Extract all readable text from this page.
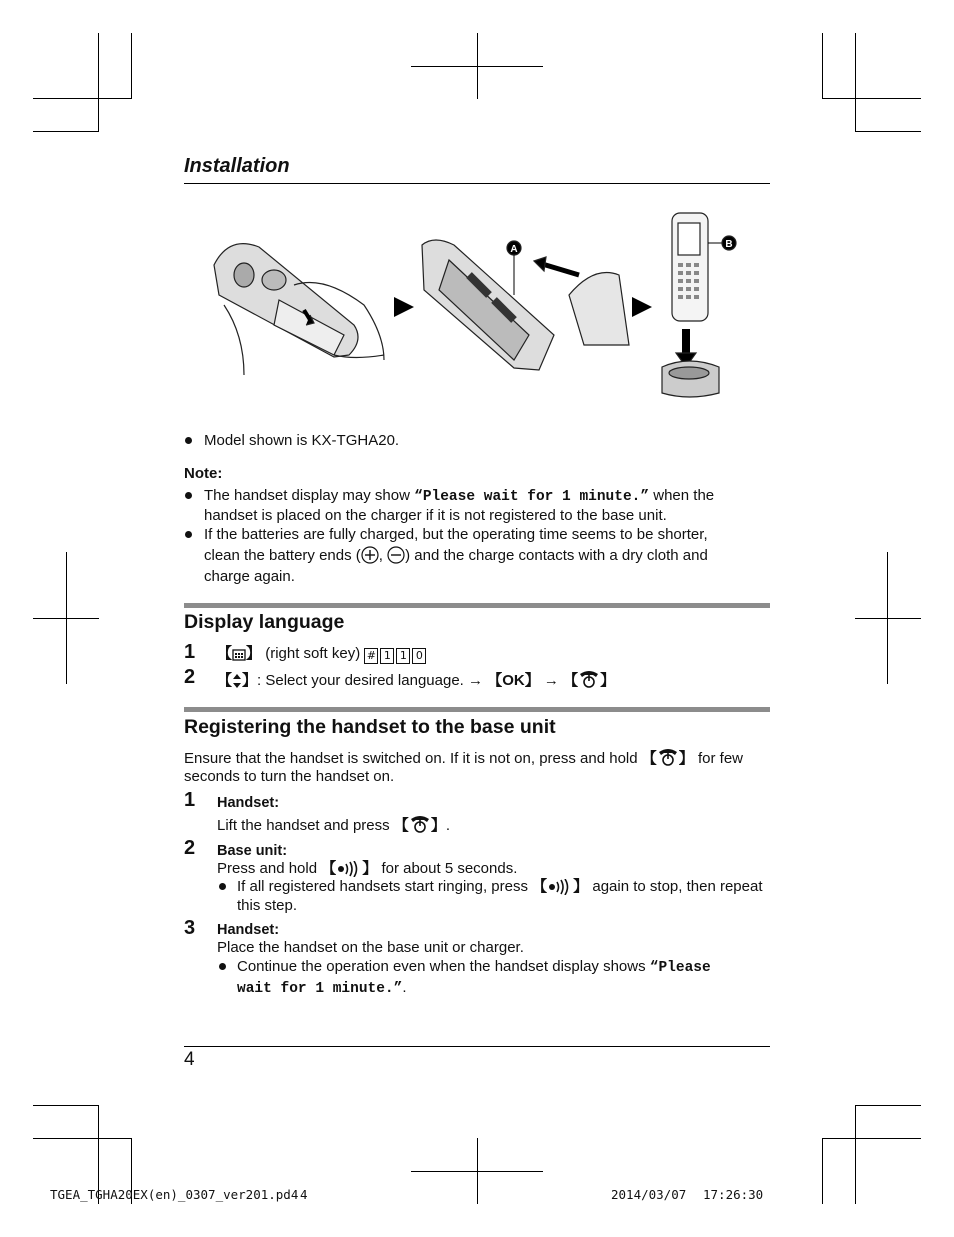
Installation
A	B
Model shown is KX-TGHA20.
Note:
The handset display may show “Please wait for 1 minute.” when the
handset is placed on the charger if it is not registered to the base unit.
If the batteries are fully charged, but the operating time seems to be shorter,
clean the battery ends ( , ) and the charge contacts with a dry cloth and
charge again.
Display language
1 【 】 (right soft key) # 1 1 0
2 【 】: Select your desired language. → 【OK】 → 【 】
Registering the handset to the base unit
Ensure that the handset is switched on. If it is not on, press and hold 【 】 for few
seconds to turn the handset on.
1 Handset:
Lift the handset and press 【 】.
2 Base unit:
Press and hold 【 】 for about 5 seconds.
If all registered handsets start ringing, press 【 】 again to stop, then repeat
this step.
3 Handset:
Place the handset on the base unit or charger.
Continue the operation even when the handset display shows “Please
wait for 1 minute.”.
4
TGEA_TGHA20EX(en)_0307_ver201.pd4 4	2014/03/07 17:26:30
